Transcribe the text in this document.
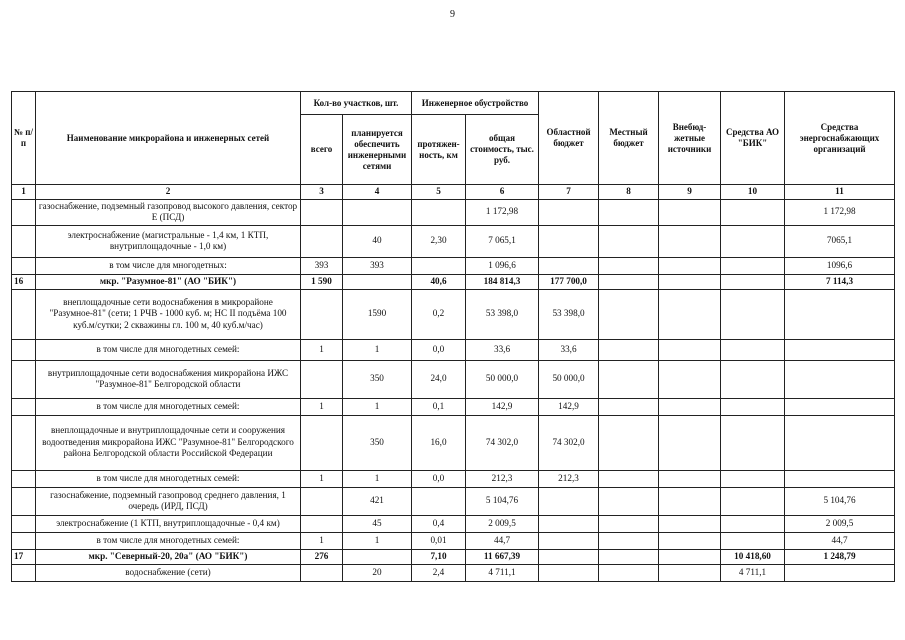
9
№ п/п	Наименование микрорайона и инженерных сетей	Кол-во участков, шт.		Инженерное обустройство		Областной бюджет	Местный бюджет	Внебюд-жетные источники	Средства АО "БИК"	Средства энергоснабжающих организаций
		всего	планируется обеспечить инженерными сетями	протяжен-ность, км	общая стоимость, тыс. руб.					
1	2	3	4	5	6	7	8	9	10	11
	газоснабжение, подземный газопровод высокого давления, сектор Е (ПСД)				1 172,98					1 172,98
	электроснабжение (магистральные - 1,4 км, 1 КТП, внутриплощадочные - 1,0 км)		40	2,30	7 065,1					7065,1
	в том числе для многодетных:	393	393		1 096,6					1096,6
16	мкр. "Разумное-81" (АО "БИК")	1 590		40,6	184 814,3	177 700,0				7 114,3
	внеплощадочные сети водоснабжения в микрорайоне "Разумное-81" (сети; 1 РЧВ - 1000 куб. м; НС II подъёма 100 куб.м/сутки; 2 скважины гл. 100 м, 40 куб.м/час)		1590	0,2	53 398,0	53 398,0				
	в том числе для многодетных семей:	1	1	0,0	33,6	33,6				
	внутриплощадочные сети водоснабжения микрорайона ИЖС "Разумное-81" Белгородской области		350	24,0	50 000,0	50 000,0				
	в том числе для многодетных семей:	1	1	0,1	142,9	142,9				
	внеплощадочные и внутриплощадочные сети и сооружения водоотведения микрорайона ИЖС "Разумное-81" Белгородского района Белгородской области Российской Федерации		350	16,0	74 302,0	74 302,0				
	в том числе для многодетных семей:	1	1	0,0	212,3	212,3				
	газоснабжение, подземный газопровод среднего давления, 1 очередь (ИРД, ПСД)		421		5 104,76					5 104,76
	электроснабжение (1 КТП, внутриплощадочные - 0,4 км)		45	0,4	2 009,5					2 009,5
	в том числе для многодетных семей:	1	1	0,01	44,7					44,7
17	мкр. "Северный-20, 20а" (АО "БИК")	276		7,10	11 667,39				10 418,60	1 248,79
	водоснабжение (сети)		20	2,4	4 711,1				4 711,1	
